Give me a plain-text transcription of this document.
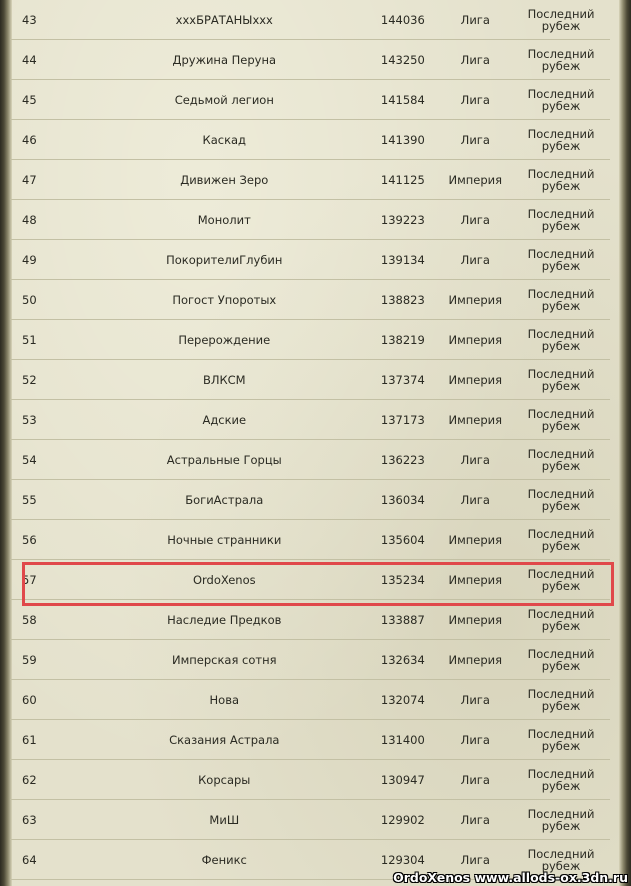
43	xxxБРАТАНЫxxx	144036	Лига	Последний
рубеж

44	Дружина Перуна	143250	Лига	Последний
рубеж

45	Седьмой легион	141584	Лига	Последний
рубеж

46	Каскад	141390	Лига	Последний
рубеж

47	Дивижен Зеро	141125	Империя	Последний
рубеж

48	Монолит	139223	Лига	Последний
рубеж

49	ПокорителиГлубин	139134	Лига	Последний
рубеж

50	Погост Упоротых	138823	Империя	Последний
рубеж

51	Перерождение	138219	Империя	Последний
рубеж

52	ВЛКСМ	137374	Империя	Последний
рубеж

53	Адские	137173	Империя	Последний
рубеж

54	Астральные Горцы	136223	Лига	Последний
рубеж

55	БогиАстрала	136034	Лига	Последний
рубеж

56	Ночные странники	135604	Империя	Последний
рубеж

57	OrdoXenos	135234	Империя	Последний
рубеж

58	Наследие Предков	133887	Империя	Последний
рубеж

59	Имперская сотня	132634	Империя	Последний
рубеж

60	Нова	132074	Лига	Последний
рубеж

61	Сказания Астрала	131400	Лига	Последний
рубеж

62	Корсары	130947	Лига	Последний
рубеж

63	МиШ	129902	Лига	Последний
рубеж

64	Феникс	129304	Лига	Последний
рубеж
OrdoXenos www.allods-ox.3dn.ru
